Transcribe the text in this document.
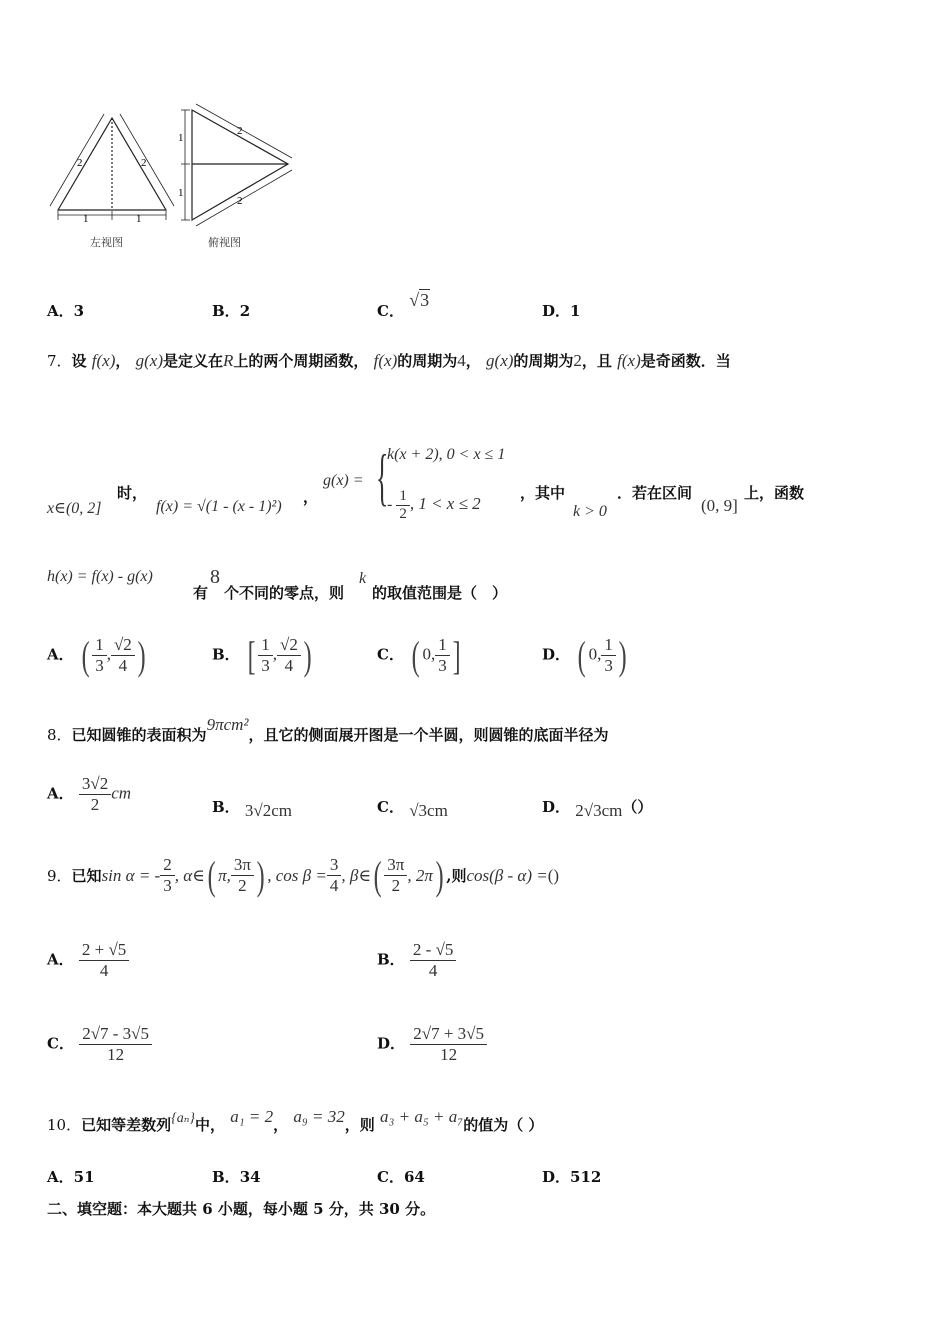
2	2
1	1
1
1
2
2
左视图	俯视图
A．3	B．2	C． √3
D．1
7．设 f(x)， g(x)是定义在R上的两个周期函数， f(x)的周期为4， g(x)的周期为2，且 f(x)是奇函数．当
x∈(0, 2]
时，
f(x) = √(1 - (x - 1)²)
，
g(x) = {
k(x + 2), 0 < x ≤ 1
- $\frac{1}{2}$ , 1 < x ≤ 2
，其中
k > 0
．若在区间
(0, 9]
上，函数
h(x) = f(x) - g(x)
有
8
个不同的零点，则
k
的取值范围是（　）
A． ( $\frac{1}{3}$ , $\frac{√2}{4}$ )	B． [ $\frac{1}{3}$ , $\frac{√2}{4}$ )	C． ( 0, $\frac{1}{3}$ ]	D． ( 0, $\frac{1}{3}$ )
8．已知圆锥的表面积为9πcm²，且它的侧面展开图是一个半圆，则圆锥的底面半径为
A． $\frac{3√2}{2}$ cm
B． 3√2cm	C． √3cm	D． 2√3cm（）
9． 已知 sin α = - $\frac{2}{3}$ , α∈ ( π, $\frac{3\pi}{2}$ ) , $\cos \beta = \frac{3}{4}$ , β∈ ( $\frac{3\pi}{2}$ , 2π ) ,则 cos(β - α) = ()
A． $\frac{2 + √5}{4}$	B． $\frac{2 - √5}{4}$
C． $\frac{2√7 - 3√5}{12}$	D． $\frac{2√7 + 3√5}{12}$
10．已知等差数列{aₙ}中， a₁ = 2， a₉ = 32，则 a₃ + a₅ + a₇的值为（ ）
A．51	B．34	C．64	D．512
二、填空题：本大题共 6 小题，每小题 5 分，共 30 分。
